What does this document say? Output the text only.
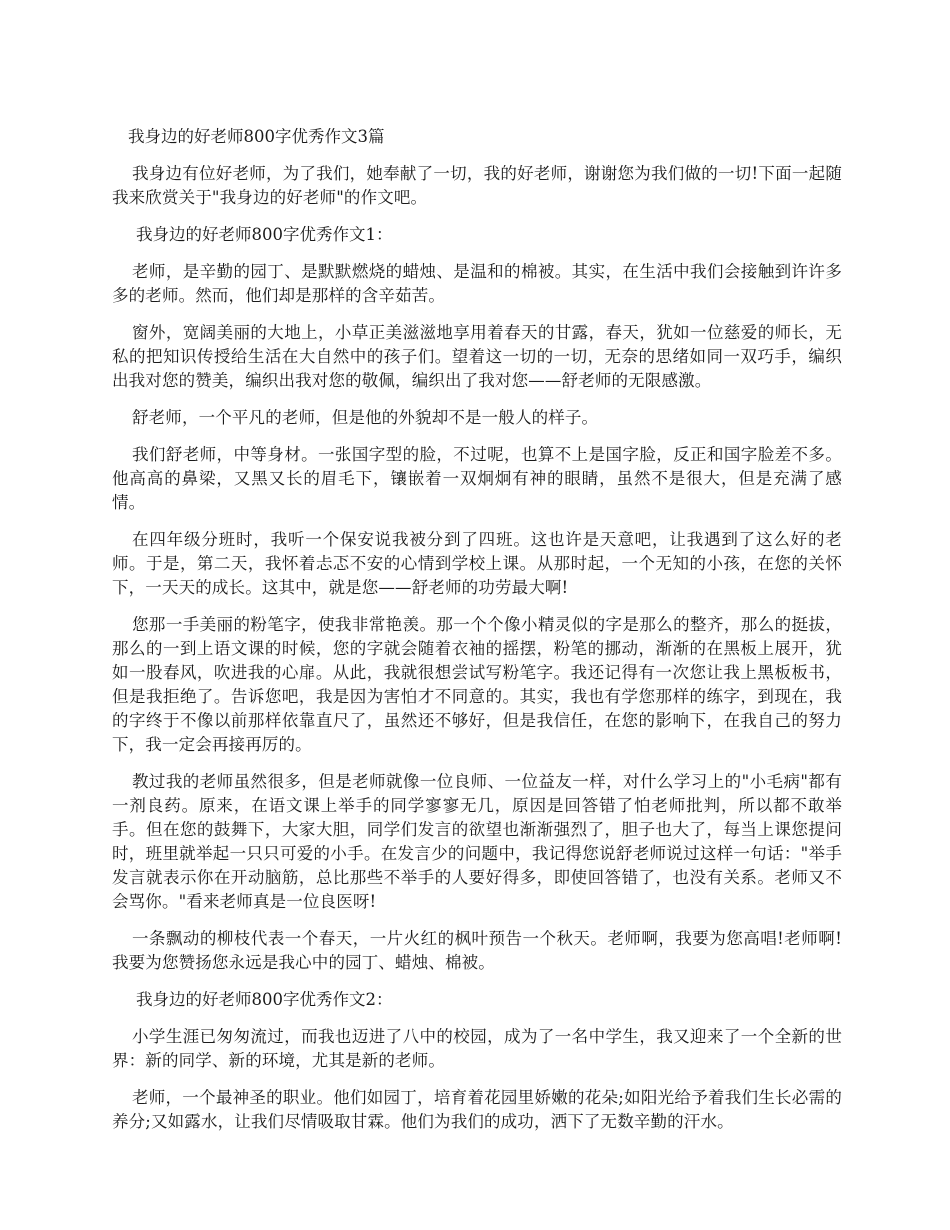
我身边的好老师800字优秀作文3篇

我身边有位好老师，为了我们，她奉献了一切，我的好老师，谢谢您为我们做的一切!下面一起随我来欣赏关于"我身边的好老师"的作文吧。

我身边的好老师800字优秀作文1：

老师，是辛勤的园丁、是默默燃烧的蜡烛、是温和的棉被。其实，在生活中我们会接触到许许多多的老师。然而，他们却是那样的含辛茹苦。

窗外，宽阔美丽的大地上，小草正美滋滋地享用着春天的甘露，春天，犹如一位慈爱的师长，无私的把知识传授给生活在大自然中的孩子们。望着这一切的一切，无奈的思绪如同一双巧手，编织出我对您的赞美，编织出我对您的敬佩，编织出了我对您——舒老师的无限感激。

舒老师，一个平凡的老师，但是他的外貌却不是一般人的样子。

我们舒老师，中等身材。一张国字型的脸，不过呢，也算不上是国字脸，反正和国字脸差不多。他高高的鼻梁，又黑又长的眉毛下，镶嵌着一双炯炯有神的眼睛，虽然不是很大，但是充满了感情。

在四年级分班时，我听一个保安说我被分到了四班。这也许是天意吧，让我遇到了这么好的老师。于是，第二天，我怀着忐忑不安的心情到学校上课。从那时起，一个无知的小孩，在您的关怀下，一天天的成长。这其中，就是您——舒老师的功劳最大啊!

您那一手美丽的粉笔字，使我非常艳羡。那一个个像小精灵似的字是那么的整齐，那么的挺拔，那么的一到上语文课的时候，您的字就会随着衣袖的摇摆，粉笔的挪动，渐渐的在黑板上展开，犹如一股春风，吹进我的心扉。从此，我就很想尝试写粉笔字。我还记得有一次您让我上黑板板书，但是我拒绝了。告诉您吧，我是因为害怕才不同意的。其实，我也有学您那样的练字，到现在，我的字终于不像以前那样依靠直尺了，虽然还不够好，但是我信任，在您的影响下，在我自己的努力下，我一定会再接再厉的。

教过我的老师虽然很多，但是老师就像一位良师、一位益友一样，对什么学习上的"小毛病"都有一剂良药。原来，在语文课上举手的同学寥寥无几，原因是回答错了怕老师批判，所以都不敢举手。但在您的鼓舞下，大家大胆，同学们发言的欲望也渐渐强烈了，胆子也大了，每当上课您提问时，班里就举起一只只可爱的小手。在发言少的问题中，我记得您说舒老师说过这样一句话："举手发言就表示你在开动脑筋，总比那些不举手的人要好得多，即使回答错了，也没有关系。老师又不会骂你。"看来老师真是一位良医呀!

一条飘动的柳枝代表一个春天，一片火红的枫叶预告一个秋天。老师啊，我要为您高唱!老师啊!我要为您赞扬您永远是我心中的园丁、蜡烛、棉被。

我身边的好老师800字优秀作文2：

小学生涯已匆匆流过，而我也迈进了八中的校园，成为了一名中学生，我又迎来了一个全新的世界：新的同学、新的环境，尤其是新的老师。

老师，一个最神圣的职业。他们如园丁，培育着花园里娇嫩的花朵;如阳光给予着我们生长必需的养分;又如露水，让我们尽情吸取甘霖。他们为我们的成功，洒下了无数辛勤的汗水。
